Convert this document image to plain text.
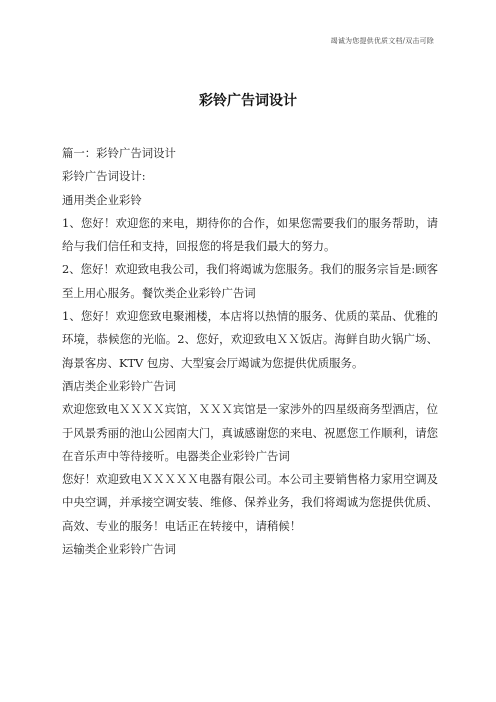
竭诚为您提供优质文档/双击可除
彩铃广告词设计

篇一：彩铃广告词设计

彩铃广告词设计:

通用类企业彩铃

1、您好！欢迎您的来电，期待你的合作，如果您需要我们的服务帮助，请给与我们信任和支持，回报您的将是我们最大的努力。

2、您好！欢迎致电我公司，我们将竭诚为您服务。我们的服务宗旨是:顾客至上用心服务。餐饮类企业彩铃广告词

1、您好！欢迎您致电聚湘楼，本店将以热情的服务、优质的菜品、优雅的环境，恭候您的光临。2、您好，欢迎致电ＸＸ饭店。海鲜自助火锅广场、海景客房、KTV 包房、大型宴会厅竭诚为您提供优质服务。

酒店类企业彩铃广告词

欢迎您致电ＸＸＸＸ宾馆，ＸＸＸ宾馆是一家涉外的四星级商务型酒店，位于风景秀丽的池山公园南大门，真诚感谢您的来电、祝愿您工作顺利，请您在音乐声中等待接听。电器类企业彩铃广告词

您好！欢迎致电ＸＸＸＸＸ电器有限公司。本公司主要销售格力家用空调及中央空调，并承接空调安装、维修、保养业务，我们将竭诚为您提供优质、高效、专业的服务！电话正在转接中，请稍候！

运输类企业彩铃广告词
